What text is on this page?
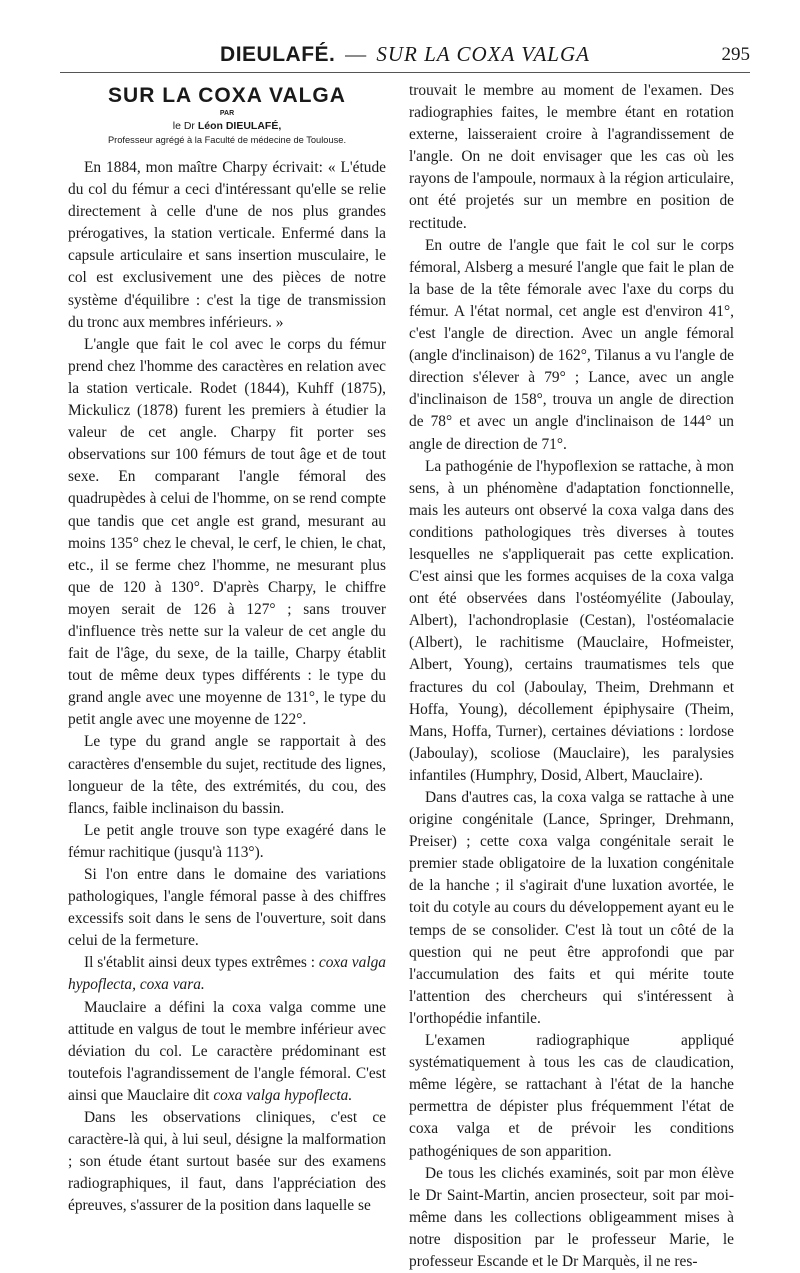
DIEULAFÉ. — SUR LA COXA VALGA	295
SUR LA COXA VALGA
PAR
le Dr Léon DIEULAFÉ,
Professeur agrégé à la Faculté de médecine de Toulouse.

En 1884, mon maître Charpy écrivait: « L'étude du col du fémur a ceci d'intéressant qu'elle se relie directement à celle d'une de nos plus grandes prérogatives, la station verticale. Enfermé dans la capsule articulaire et sans insertion musculaire, le col est exclusivement une des pièces de notre système d'équilibre : c'est la tige de transmission du tronc aux membres inférieurs. »

L'angle que fait le col avec le corps du fémur prend chez l'homme des caractères en relation avec la station verticale. Rodet (1844), Kuhff (1875), Mickulicz (1878) furent les premiers à étudier la valeur de cet angle. Charpy fit porter ses observations sur 100 fémurs de tout âge et de tout sexe. En comparant l'angle fémoral des quadrupèdes à celui de l'homme, on se rend compte que tandis que cet angle est grand, mesurant au moins 135° chez le cheval, le cerf, le chien, le chat, etc., il se ferme chez l'homme, ne mesurant plus que de 120 à 130°. D'après Charpy, le chiffre moyen serait de 126 à 127° ; sans trouver d'influence très nette sur la valeur de cet angle du fait de l'âge, du sexe, de la taille, Charpy établit tout de même deux types différents : le type du grand angle avec une moyenne de 131°, le type du petit angle avec une moyenne de 122°.

Le type du grand angle se rapportait à des caractères d'ensemble du sujet, rectitude des lignes, longueur de la tête, des extrémités, du cou, des flancs, faible inclinaison du bassin.

Le petit angle trouve son type exagéré dans le fémur rachitique (jusqu'à 113°).

Si l'on entre dans le domaine des variations pathologiques, l'angle fémoral passe à des chiffres excessifs soit dans le sens de l'ouverture, soit dans celui de la fermeture.

Il s'établit ainsi deux types extrêmes : coxa valga hypoflecta, coxa vara.

Mauclaire a défini la coxa valga comme une attitude en valgus de tout le membre inférieur avec déviation du col. Le caractère prédominant est toutefois l'agrandissement de l'angle fémoral. C'est ainsi que Mauclaire dit coxa valga hypoflecta.

Dans les observations cliniques, c'est ce caractère-là qui, à lui seul, désigne la malformation ; son étude étant surtout basée sur des examens radiographiques, il faut, dans l'appréciation des épreuves, s'assurer de la position dans laquelle se

trouvait le membre au moment de l'examen. Des radiographies faites, le membre étant en rotation externe, laisseraient croire à l'agrandissement de l'angle. On ne doit envisager que les cas où les rayons de l'ampoule, normaux à la région articulaire, ont été projetés sur un membre en position de rectitude.

En outre de l'angle que fait le col sur le corps fémoral, Alsberg a mesuré l'angle que fait le plan de la base de la tête fémorale avec l'axe du corps du fémur. A l'état normal, cet angle est d'environ 41°, c'est l'angle de direction. Avec un angle fémoral (angle d'inclinaison) de 162°, Tilanus a vu l'angle de direction s'élever à 79° ; Lance, avec un angle d'inclinaison de 158°, trouva un angle de direction de 78° et avec un angle d'inclinaison de 144° un angle de direction de 71°.

La pathogénie de l'hypoflexion se rattache, à mon sens, à un phénomène d'adaptation fonctionnelle, mais les auteurs ont observé la coxa valga dans des conditions pathologiques très diverses à toutes lesquelles ne s'appliquerait pas cette explication. C'est ainsi que les formes acquises de la coxa valga ont été observées dans l'ostéomyélite (Jaboulay, Albert), l'achondroplasie (Cestan), l'ostéomalacie (Albert), le rachitisme (Mauclaire, Hofmeister, Albert, Young), certains traumatismes tels que fractures du col (Jaboulay, Theim, Drehmann et Hoffa, Young), décollement épiphysaire (Theim, Mans, Hoffa, Turner), certaines déviations : lordose (Jaboulay), scoliose (Mauclaire), les paralysies infantiles (Humphry, Dosid, Albert, Mauclaire).

Dans d'autres cas, la coxa valga se rattache à une origine congénitale (Lance, Springer, Drehmann, Preiser) ; cette coxa valga congénitale serait le premier stade obligatoire de la luxation congénitale de la hanche ; il s'agirait d'une luxation avortée, le toit du cotyle au cours du développement ayant eu le temps de se consolider. C'est là tout un côté de la question qui ne peut être approfondi que par l'accumulation des faits et qui mérite toute l'attention des chercheurs qui s'intéressent à l'orthopédie infantile.

L'examen radiographique appliqué systématiquement à tous les cas de claudication, même légère, se rattachant à l'état de la hanche permettra de dépister plus fréquemment l'état de coxa valga et de prévoir les conditions pathogéniques de son apparition.

De tous les clichés examinés, soit par mon élève le Dr Saint-Martin, ancien prosecteur, soit par moi-même dans les collections obligeamment mises à notre disposition par le professeur Marie, le professeur Escande et le Dr Marquès, il ne res-
